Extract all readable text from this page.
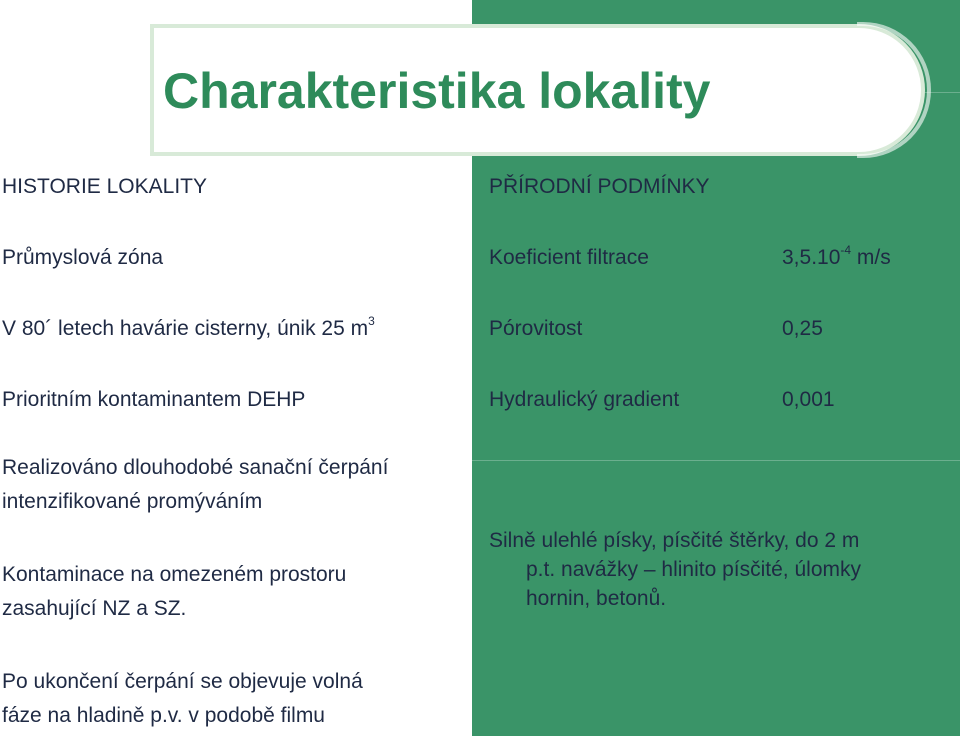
Charakteristika lokality

HISTORIE LOKALITY

Průmyslová zóna

V 80´ letech havárie cisterny, únik 25 $m^3$

Prioritním kontaminantem DEHP

Realizováno dlouhodobé sanační čerpání

intenzifikované promýváním

Kontaminace na omezeném prostoru

zasahující NZ a SZ.

Po ukončení čerpání se objevuje volná

fáze na hladině p.v. v podobě filmu

PŘÍRODNÍ PODMÍNKY

Koeficient filtrace	$3,5.10^{-4}$ m/s

Pórovitost	0,25

Hydraulický gradient	0,001

Silně ulehlé písky, písčité štěrky, do 2 m

p.t. navážky – hlinito písčité, úlomky

hornin, betonů.
